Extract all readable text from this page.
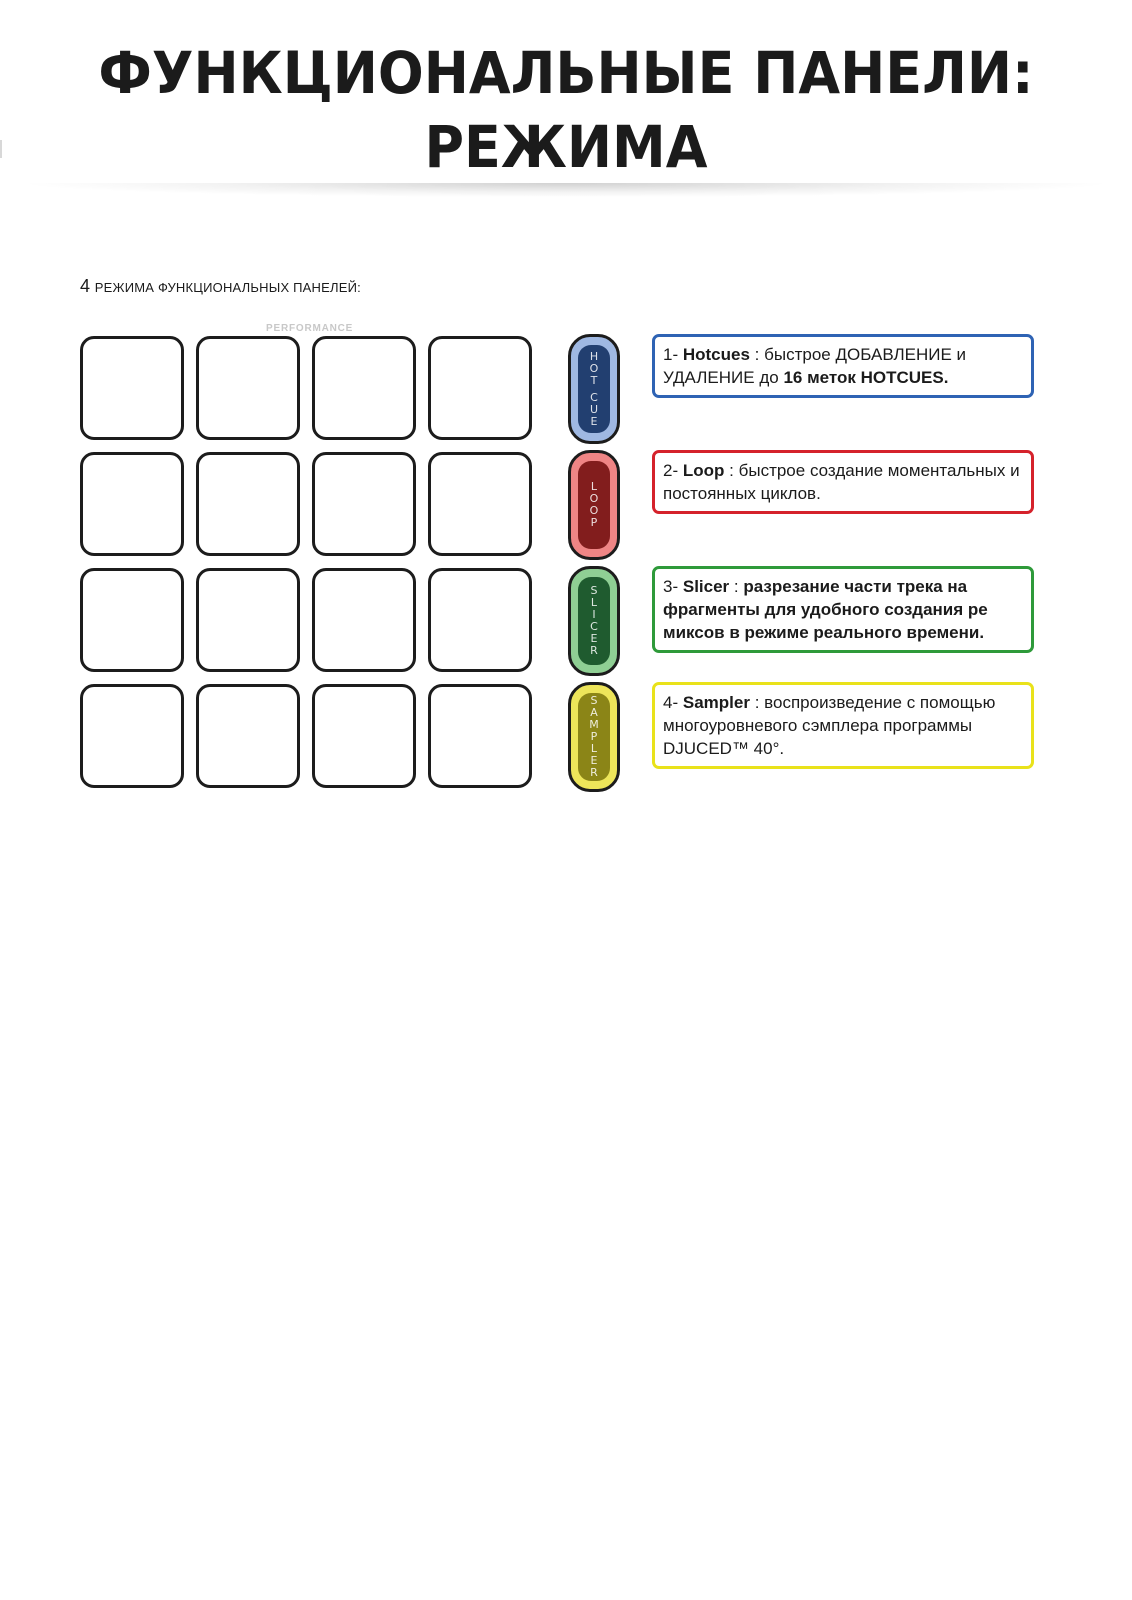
ФУНКЦИОНАЛЬНЫЕ ПАНЕЛИ:
РЕЖИМА
4 РЕЖИМА ФУНКЦИОНАЛЬНЫХ ПАНЕЛЕЙ:
PERFORMANCE
H
O
T

C
U
E
L
O
O
P
S
L
I
C
E
R
S
A
M
P
L
E
R
1- Hotcues : быстрое ДОБАВЛЕНИЕ и УДАЛЕНИЕ до 16 меток HOTCUES.
2- Loop : быстрое создание моментальных и постоянных циклов.
3- Slicer : разрезание части трека на фрагменты для удобного создания ре миксов в режиме реального времени.
4- Sampler : воспроизведение с помощью многоуровневого сэмплера программы DJUCED™ 40°.
